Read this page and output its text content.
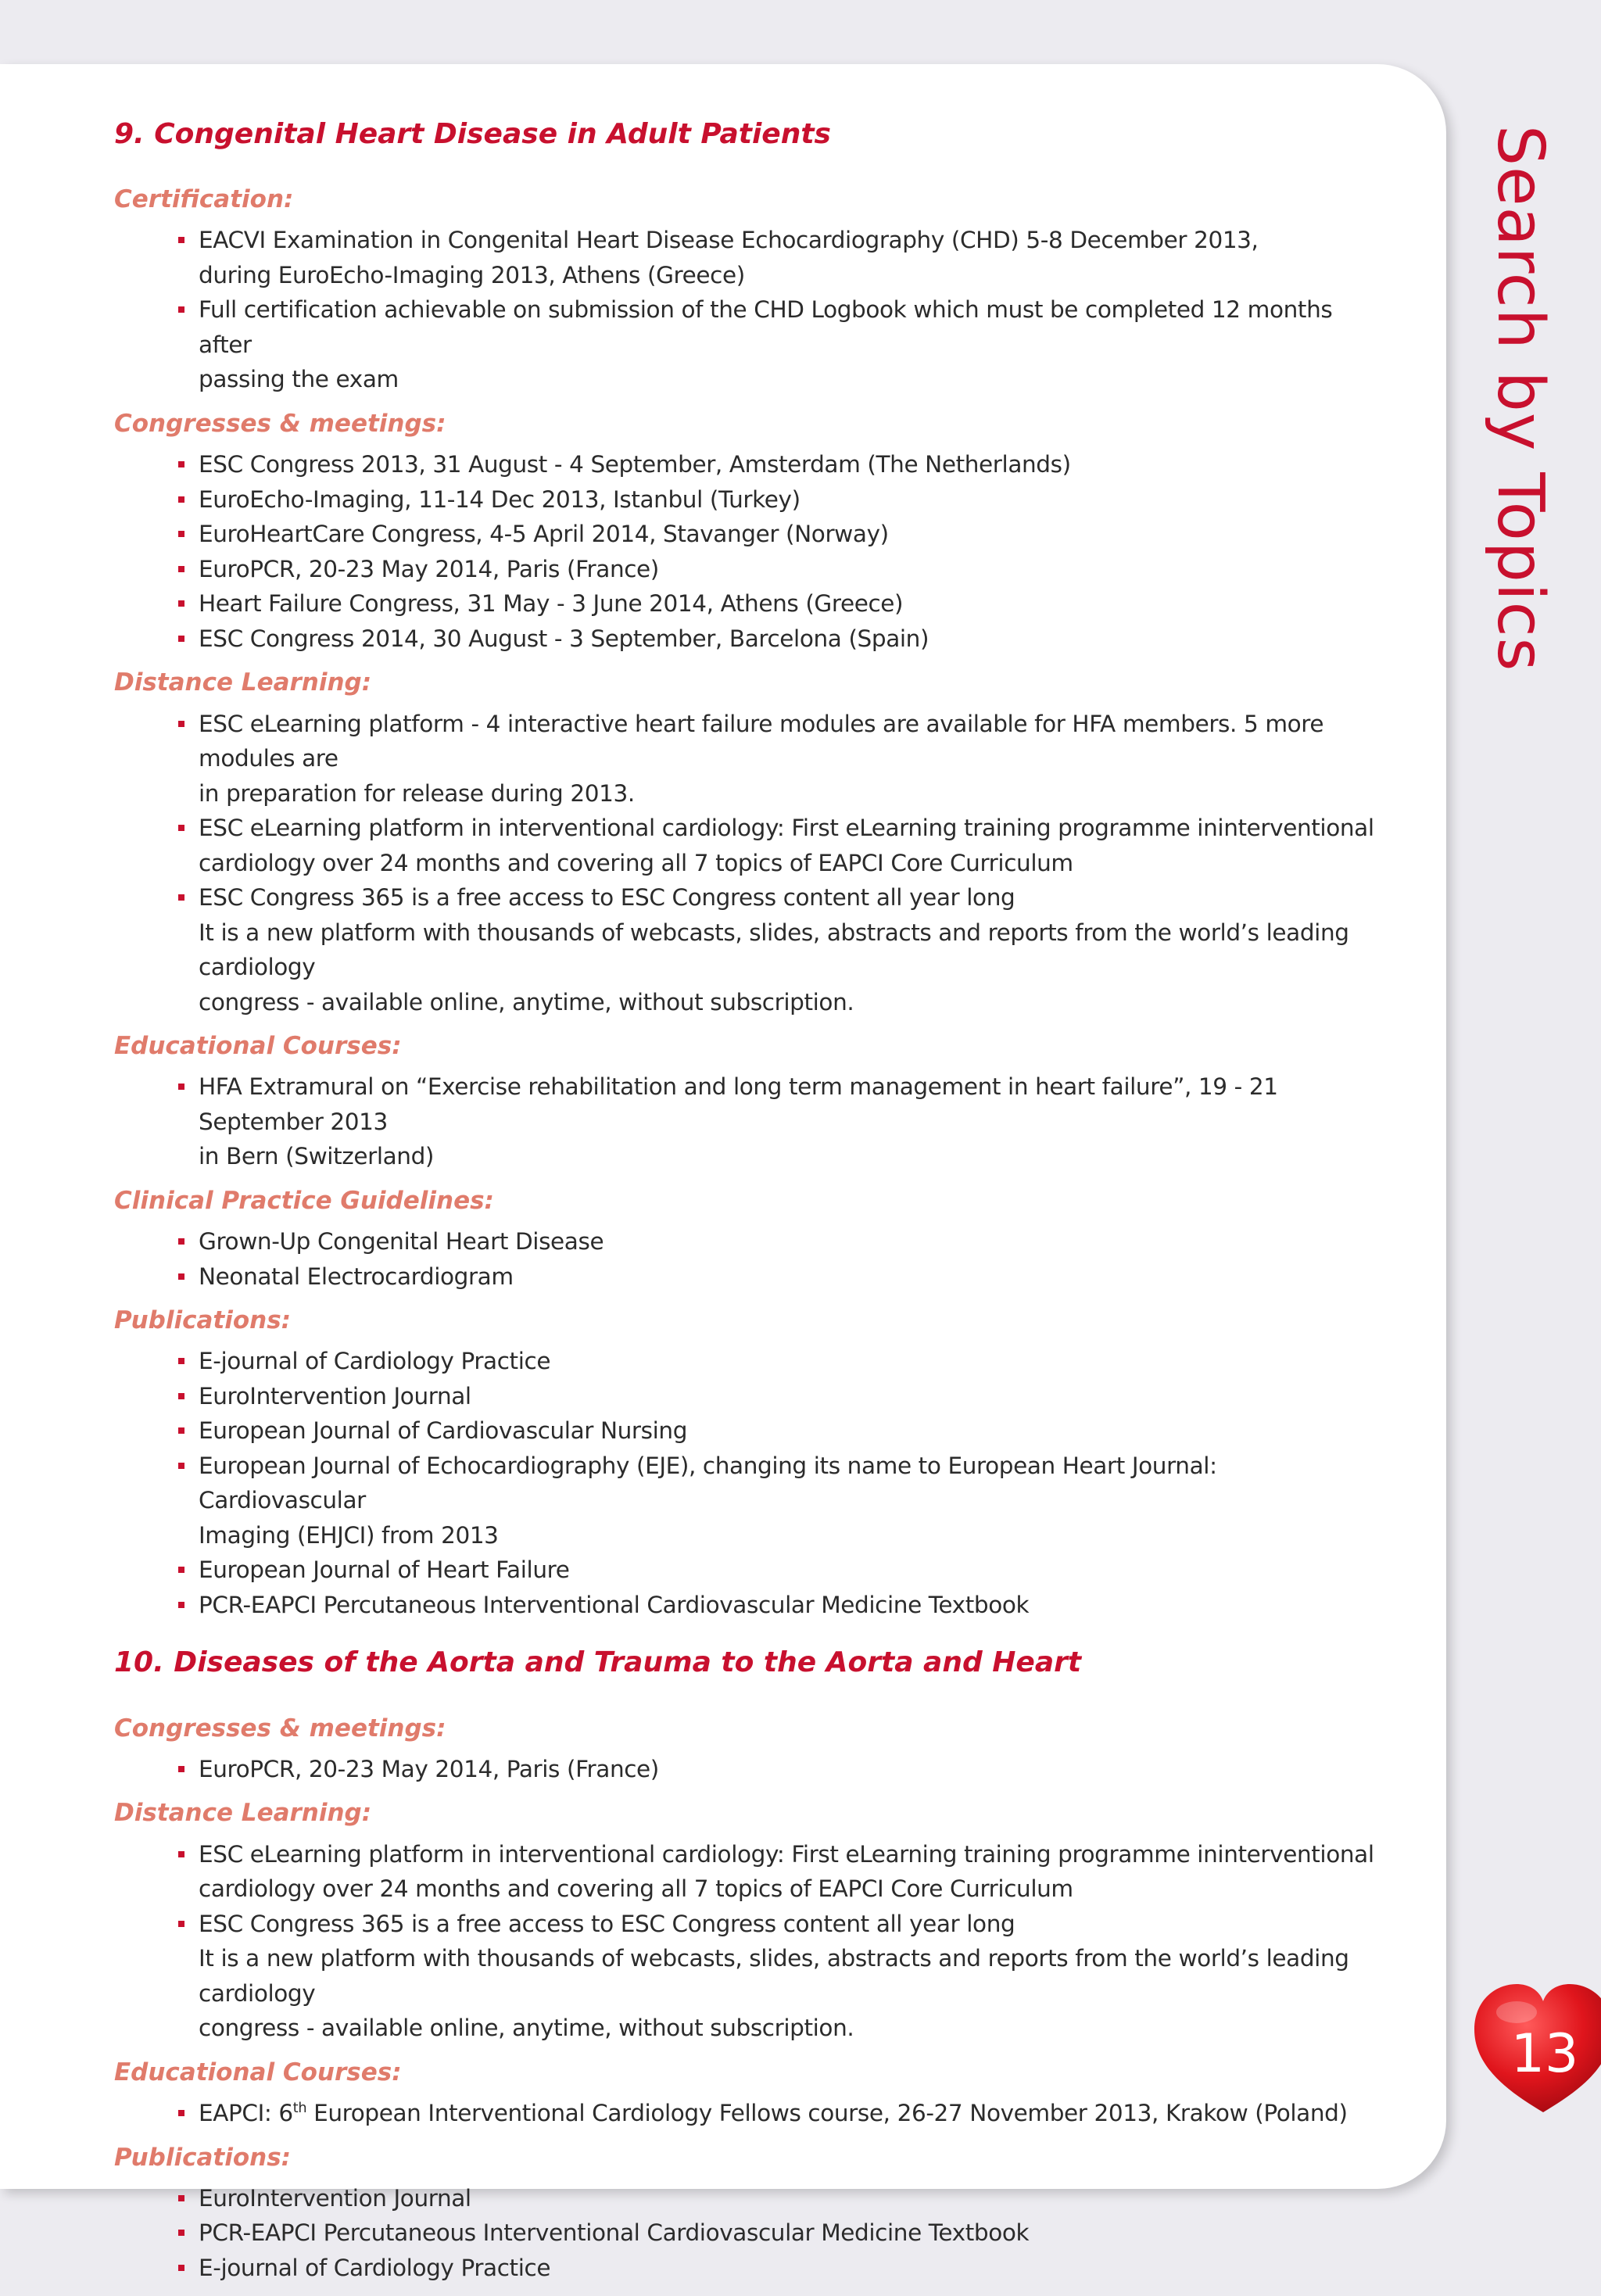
9. Congenital Heart Disease in Adult Patients
Certification:
EACVI Examination in Congenital Heart Disease Echocardiography (CHD) 5-8 December 2013,
during EuroEcho-Imaging 2013, Athens (Greece)
Full certification achievable on submission of the CHD Logbook which must be completed 12 months after
passing the exam
Congresses & meetings:
ESC Congress 2013, 31 August - 4 September, Amsterdam (The Netherlands)
EuroEcho-Imaging, 11-14 Dec 2013, Istanbul (Turkey)
EuroHeartCare Congress, 4-5 April 2014, Stavanger (Norway)
EuroPCR, 20-23 May 2014, Paris (France)
Heart Failure Congress, 31 May - 3 June 2014, Athens (Greece)
ESC Congress 2014, 30 August - 3 September, Barcelona (Spain)
Distance Learning:
ESC eLearning platform - 4 interactive heart failure modules are available for HFA members. 5 more modules are
in preparation for release during 2013.
ESC eLearning platform in interventional cardiology: First eLearning training programme ininterventional
cardiology over 24 months and covering all 7 topics of EAPCI Core Curriculum
ESC Congress 365 is a free access to ESC Congress content all year long
It is a new platform with thousands of webcasts, slides, abstracts and reports from the world’s leading cardiology
congress - available online, anytime, without subscription.
Educational Courses:
HFA Extramural on “Exercise rehabilitation and long term management in heart failure”, 19 - 21 September 2013
in Bern (Switzerland)
Clinical Practice Guidelines:
Grown-Up Congenital Heart Disease
Neonatal Electrocardiogram
Publications:
E-journal of Cardiology Practice
EuroIntervention Journal
European Journal of Cardiovascular Nursing
European Journal of Echocardiography (EJE), changing its name to European Heart Journal: Cardiovascular
Imaging (EHJCI) from 2013
European Journal of Heart Failure
PCR-EAPCI Percutaneous Interventional Cardiovascular Medicine Textbook
10. Diseases of the Aorta and Trauma to the Aorta and Heart
Congresses & meetings:
EuroPCR, 20-23 May 2014, Paris (France)
Distance Learning:
ESC eLearning platform in interventional cardiology: First eLearning training programme ininterventional
cardiology over 24 months and covering all 7 topics of EAPCI Core Curriculum
ESC Congress 365 is a free access to ESC Congress content all year long
It is a new platform with thousands of webcasts, slides, abstracts and reports from the world’s leading cardiology
congress - available online, anytime, without subscription.
Educational Courses:
EAPCI: 6th European Interventional Cardiology Fellows course, 26-27 November 2013, Krakow (Poland)
Publications:
EuroIntervention Journal
PCR-EAPCI Percutaneous Interventional Cardiovascular Medicine Textbook
E-journal of Cardiology Practice
Search by Topics
13
